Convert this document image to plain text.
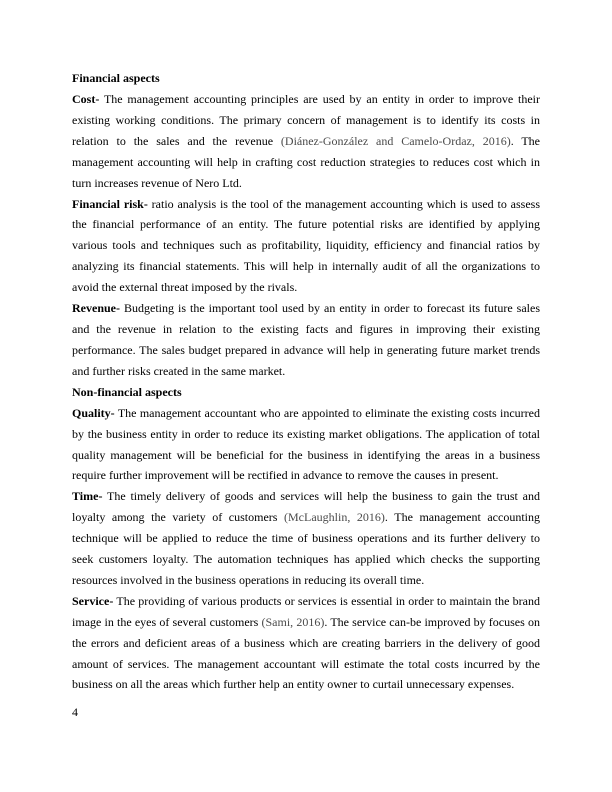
Financial aspects

Cost- The management accounting principles are used by an entity in order to improve their existing working conditions. The primary concern of management is to identify its costs in relation to the sales and the revenue (Diánez-González and Camelo-Ordaz, 2016). The management accounting will help in crafting cost reduction strategies to reduces cost which in turn increases revenue of Nero Ltd.

Financial risk- ratio analysis is the tool of the management accounting which is used to assess the financial performance of an entity. The future potential risks are identified by applying various tools and techniques such as profitability, liquidity, efficiency and financial ratios by analyzing its financial statements. This will help in internally audit of all the organizations to avoid the external threat imposed by the rivals.

Revenue- Budgeting is the important tool used by an entity in order to forecast its future sales and the revenue in relation to the existing facts and figures in improving their existing performance. The sales budget prepared in advance will help in generating future market trends and further risks created in the same market.

Non-financial aspects

Quality- The management accountant who are appointed to eliminate the existing costs incurred by the business entity in order to reduce its existing market obligations. The application of total quality management will be beneficial for the business in identifying the areas in a business require further improvement will be rectified in advance to remove the causes in present.

Time- The timely delivery of goods and services will help the business to gain the trust and loyalty among the variety of customers (McLaughlin, 2016). The management accounting technique will be applied to reduce the time of business operations and its further delivery to seek customers loyalty. The automation techniques has applied which checks the supporting resources involved in the business operations in reducing its overall time.

Service- The providing of various products or services is essential in order to maintain the brand image in the eyes of several customers (Sami, 2016). The service can-be improved by focuses on the errors and deficient areas of a business which are creating barriers in the delivery of good amount of services. The management accountant will estimate the total costs incurred by the business on all the areas which further help an entity owner to curtail unnecessary expenses.

4
